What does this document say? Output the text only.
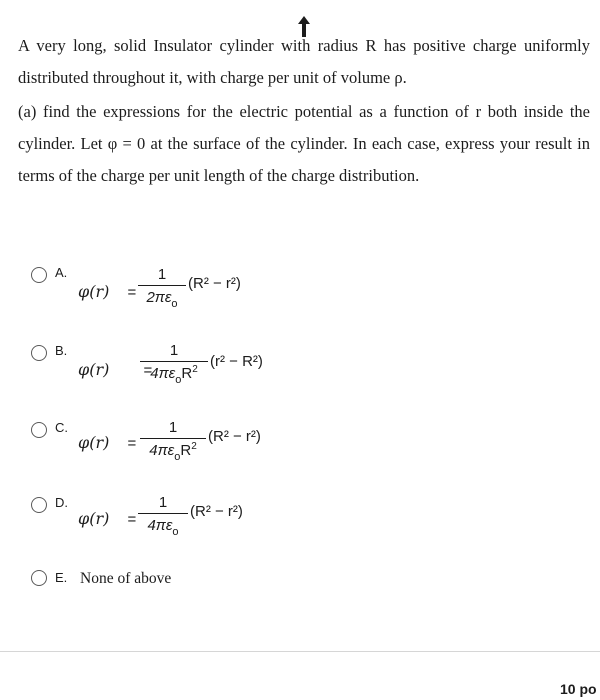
A very long, solid Insulator cylinder with radius R has positive charge uniformly distributed throughout it, with charge per unit of volume ρ.

(a) find the expressions for the electric potential as a function of r both inside the cylinder. Let φ = 0 at the surface of the cylinder. In each case, express your result in terms of the charge per unit length of the charge distribution.

A.
φ(r) =
1
$2\pi\varepsilon_o$
(R² − r²)
B.
φ(r) =
1
$4\pi\varepsilon_oR^2$ (r² − R²)
C.
φ(r) =
1
$4\pi\varepsilon_oR^2$
(R² − r²)
D.
φ(r) =
1
$4\pi\varepsilon_o$
(R² − r²)
E. None of above
10 po
